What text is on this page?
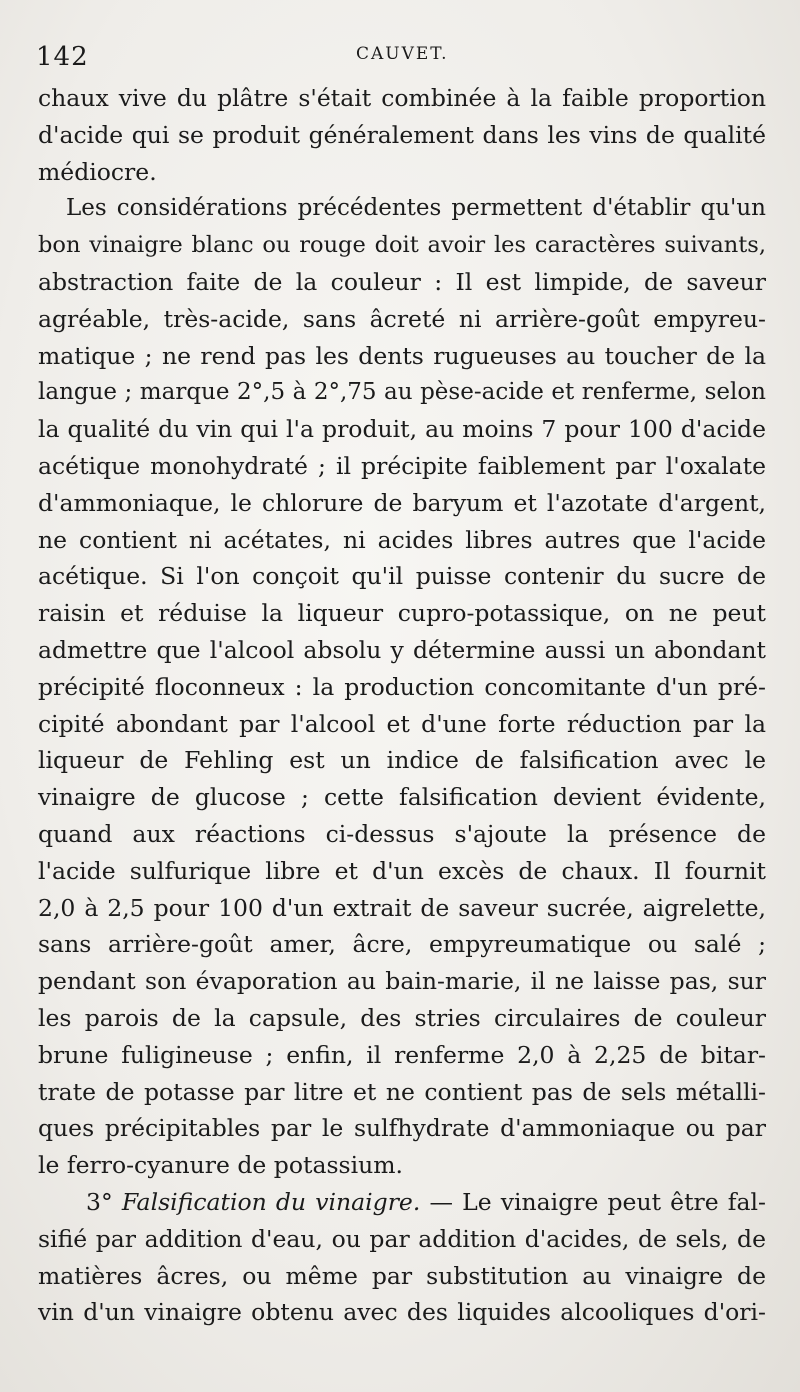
142	CAUVET.
chaux vive du plâtre s'était combinée à la faible proportion
d'acide qui se produit généralement dans les vins de qualité
médiocre.
Les considérations précédentes permettent d'établir qu'un
bon vinaigre blanc ou rouge doit avoir les caractères suivants,
abstraction faite de la couleur : Il est limpide, de saveur
agréable, très-acide, sans âcreté ni arrière-goût empyreu-
matique ; ne rend pas les dents rugueuses au toucher de la
langue ; marque 2°,5 à 2°,75 au pèse-acide et renferme, selon
la qualité du vin qui l'a produit, au moins 7 pour 100 d'acide
acétique monohydraté ; il précipite faiblement par l'oxalate
d'ammoniaque, le chlorure de baryum et l'azotate d'argent,
ne contient ni acétates, ni acides libres autres que l'acide
acétique. Si l'on conçoit qu'il puisse contenir du sucre de
raisin et réduise la liqueur cupro-potassique, on ne peut
admettre que l'alcool absolu y détermine aussi un abondant
précipité floconneux : la production concomitante d'un pré-
cipité abondant par l'alcool et d'une forte réduction par la
liqueur de Fehling est un indice de falsification avec le
vinaigre de glucose ; cette falsification devient évidente,
quand aux réactions ci-dessus s'ajoute la présence de
l'acide sulfurique libre et d'un excès de chaux. Il fournit
2,0 à 2,5 pour 100 d'un extrait de saveur sucrée, aigrelette,
sans arrière-goût amer, âcre, empyreumatique ou salé ;
pendant son évaporation au bain-marie, il ne laisse pas, sur
les parois de la capsule, des stries circulaires de couleur
brune fuligineuse ; enfin, il renferme 2,0 à 2,25 de bitar-
trate de potasse par litre et ne contient pas de sels métalli-
ques précipitables par le sulfhydrate d'ammoniaque ou par
le ferro-cyanure de potassium.
3° Falsification du vinaigre. — Le vinaigre peut être fal-
sifié par addition d'eau, ou par addition d'acides, de sels, de
matières âcres, ou même par substitution au vinaigre de
vin d'un vinaigre obtenu avec des liquides alcooliques d'ori-
